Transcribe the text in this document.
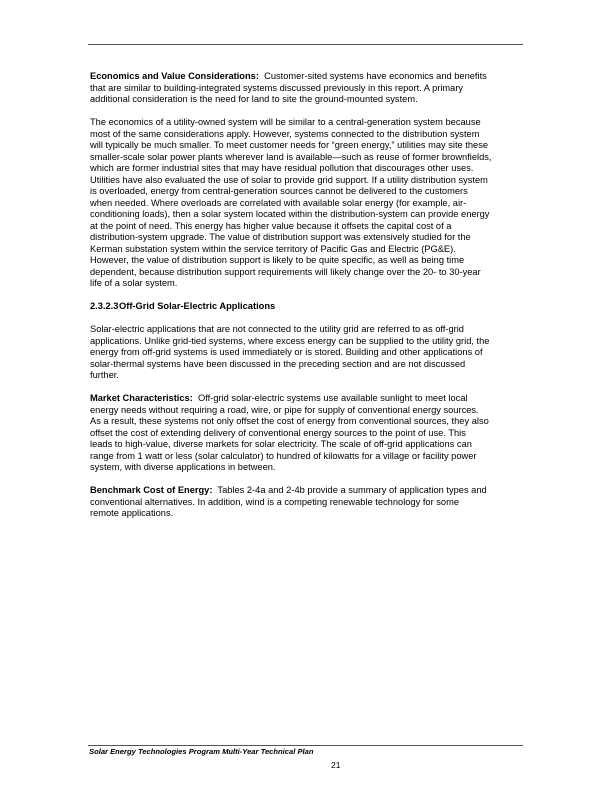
Economics and Value Considerations:  Customer-sited systems have economics and benefits
that are similar to building-integrated systems discussed previously in this report. A primary
additional consideration is the need for land to site the ground-mounted system.
The economics of a utility-owned system will be similar to a central-generation system because
most of the same considerations apply. However, systems connected to the distribution system
will typically be much smaller. To meet customer needs for “green energy,” utilities may site these
smaller-scale solar power plants wherever land is available—such as reuse of former brownfields,
which are former industrial sites that may have residual pollution that discourages other uses.
Utilities have also evaluated the use of solar to provide grid support. If a utility distribution system
is overloaded, energy from central-generation sources cannot be delivered to the customers
when needed. Where overloads are correlated with available solar energy (for example, air-
conditioning loads), then a solar system located within the distribution-system can provide energy
at the point of need. This energy has higher value because it offsets the capital cost of a
distribution-system upgrade. The value of distribution support was extensively studied for the
Kerman substation system within the service territory of Pacific Gas and Electric (PG&E).
However, the value of distribution support is likely to be quite specific, as well as being time
dependent, because distribution support requirements will likely change over the 20- to 30-year
life of a solar system.
2.3.2.3Off-Grid Solar-Electric Applications
Solar-electric applications that are not connected to the utility grid are referred to as off-grid
applications. Unlike grid-tied systems, where excess energy can be supplied to the utility grid, the
energy from off-grid systems is used immediately or is stored. Building and other applications of
solar-thermal systems have been discussed in the preceding section and are not discussed
further.
Market Characteristics:  Off-grid solar-electric systems use available sunlight to meet local
energy needs without requiring a road, wire, or pipe for supply of conventional energy sources.
As a result, these systems not only offset the cost of energy from conventional sources, they also
offset the cost of extending delivery of conventional energy sources to the point of use. This
leads to high-value, diverse markets for solar electricity. The scale of off-grid applications can
range from 1 watt or less (solar calculator) to hundred of kilowatts for a village or facility power
system, with diverse applications in between.
Benchmark Cost of Energy:  Tables 2-4a and 2-4b provide a summary of application types and
conventional alternatives. In addition, wind is a competing renewable technology for some
remote applications.
Solar Energy Technologies Program Multi-Year Technical Plan
21
